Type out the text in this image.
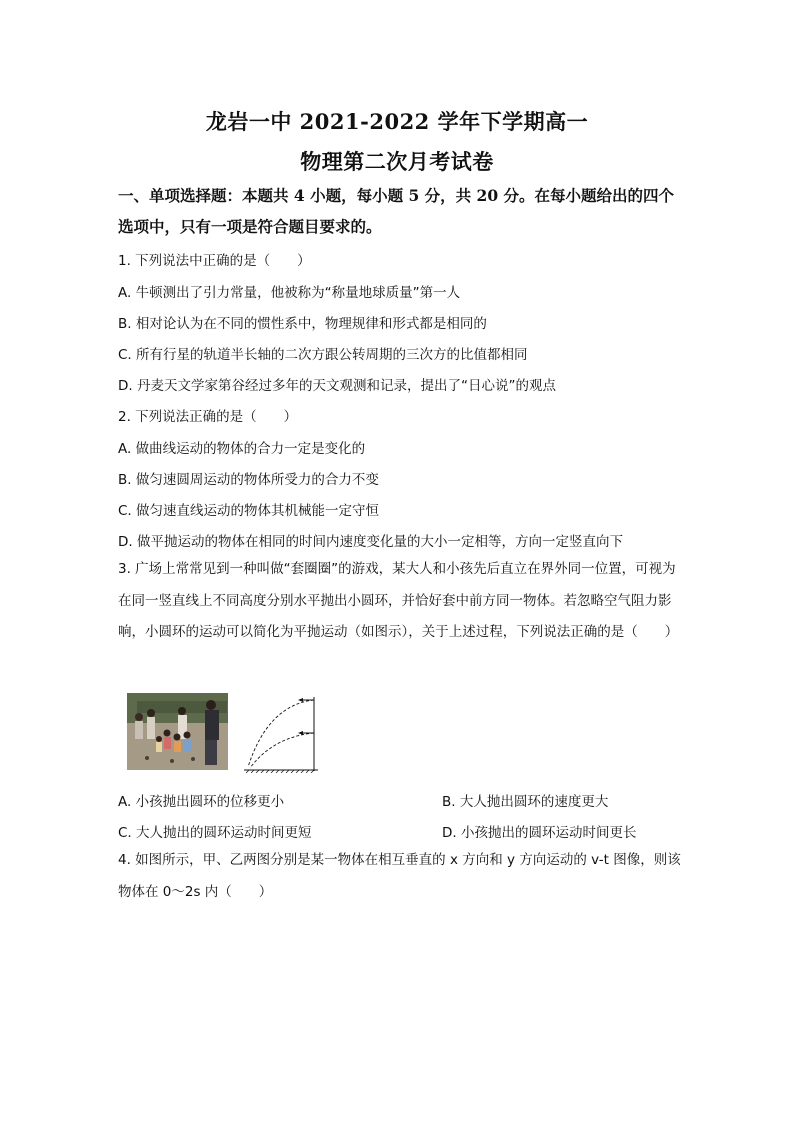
龙岩一中 2021-2022 学年下学期高一
物理第二次月考试卷
一、单项选择题：本题共 4 小题，每小题 5 分，共 20 分。在每小题给出的四个选项中，只有一项是符合题目要求的。
1. 下列说法中正确的是（　　）
A. 牛顿测出了引力常量，他被称为“称量地球质量”第一人
B. 相对论认为在不同的惯性系中，物理规律和形式都是相同的
C. 所有行星的轨道半长轴的二次方跟公转周期的三次方的比值都相同
D. 丹麦天文学家第谷经过多年的天文观测和记录，提出了“日心说”的观点
2. 下列说法正确的是（　　）
A. 做曲线运动的物体的合力一定是变化的
B. 做匀速圆周运动的物体所受力的合力不变
C. 做匀速直线运动的物体其机械能一定守恒
D. 做平抛运动的物体在相同的时间内速度变化量的大小一定相等，方向一定竖直向下
3. 广场上常常见到一种叫做“套圈圈”的游戏，某大人和小孩先后直立在界外同一位置，可视为在同一竖直线上不同高度分别水平抛出小圆环，并恰好套中前方同一物体。若忽略空气阻力影响，小圆环的运动可以简化为平抛运动（如图示），关于上述过程，下列说法正确的是（　　）
A. 小孩抛出圆环的位移更小	B. 大人抛出圆环的速度更大
C. 大人抛出的圆环运动时间更短	D. 小孩抛出的圆环运动时间更长
4. 如图所示，甲、乙两图分别是某一物体在相互垂直的 x 方向和 y 方向运动的 v-t 图像，则该物体在 0～2s 内（　　）
